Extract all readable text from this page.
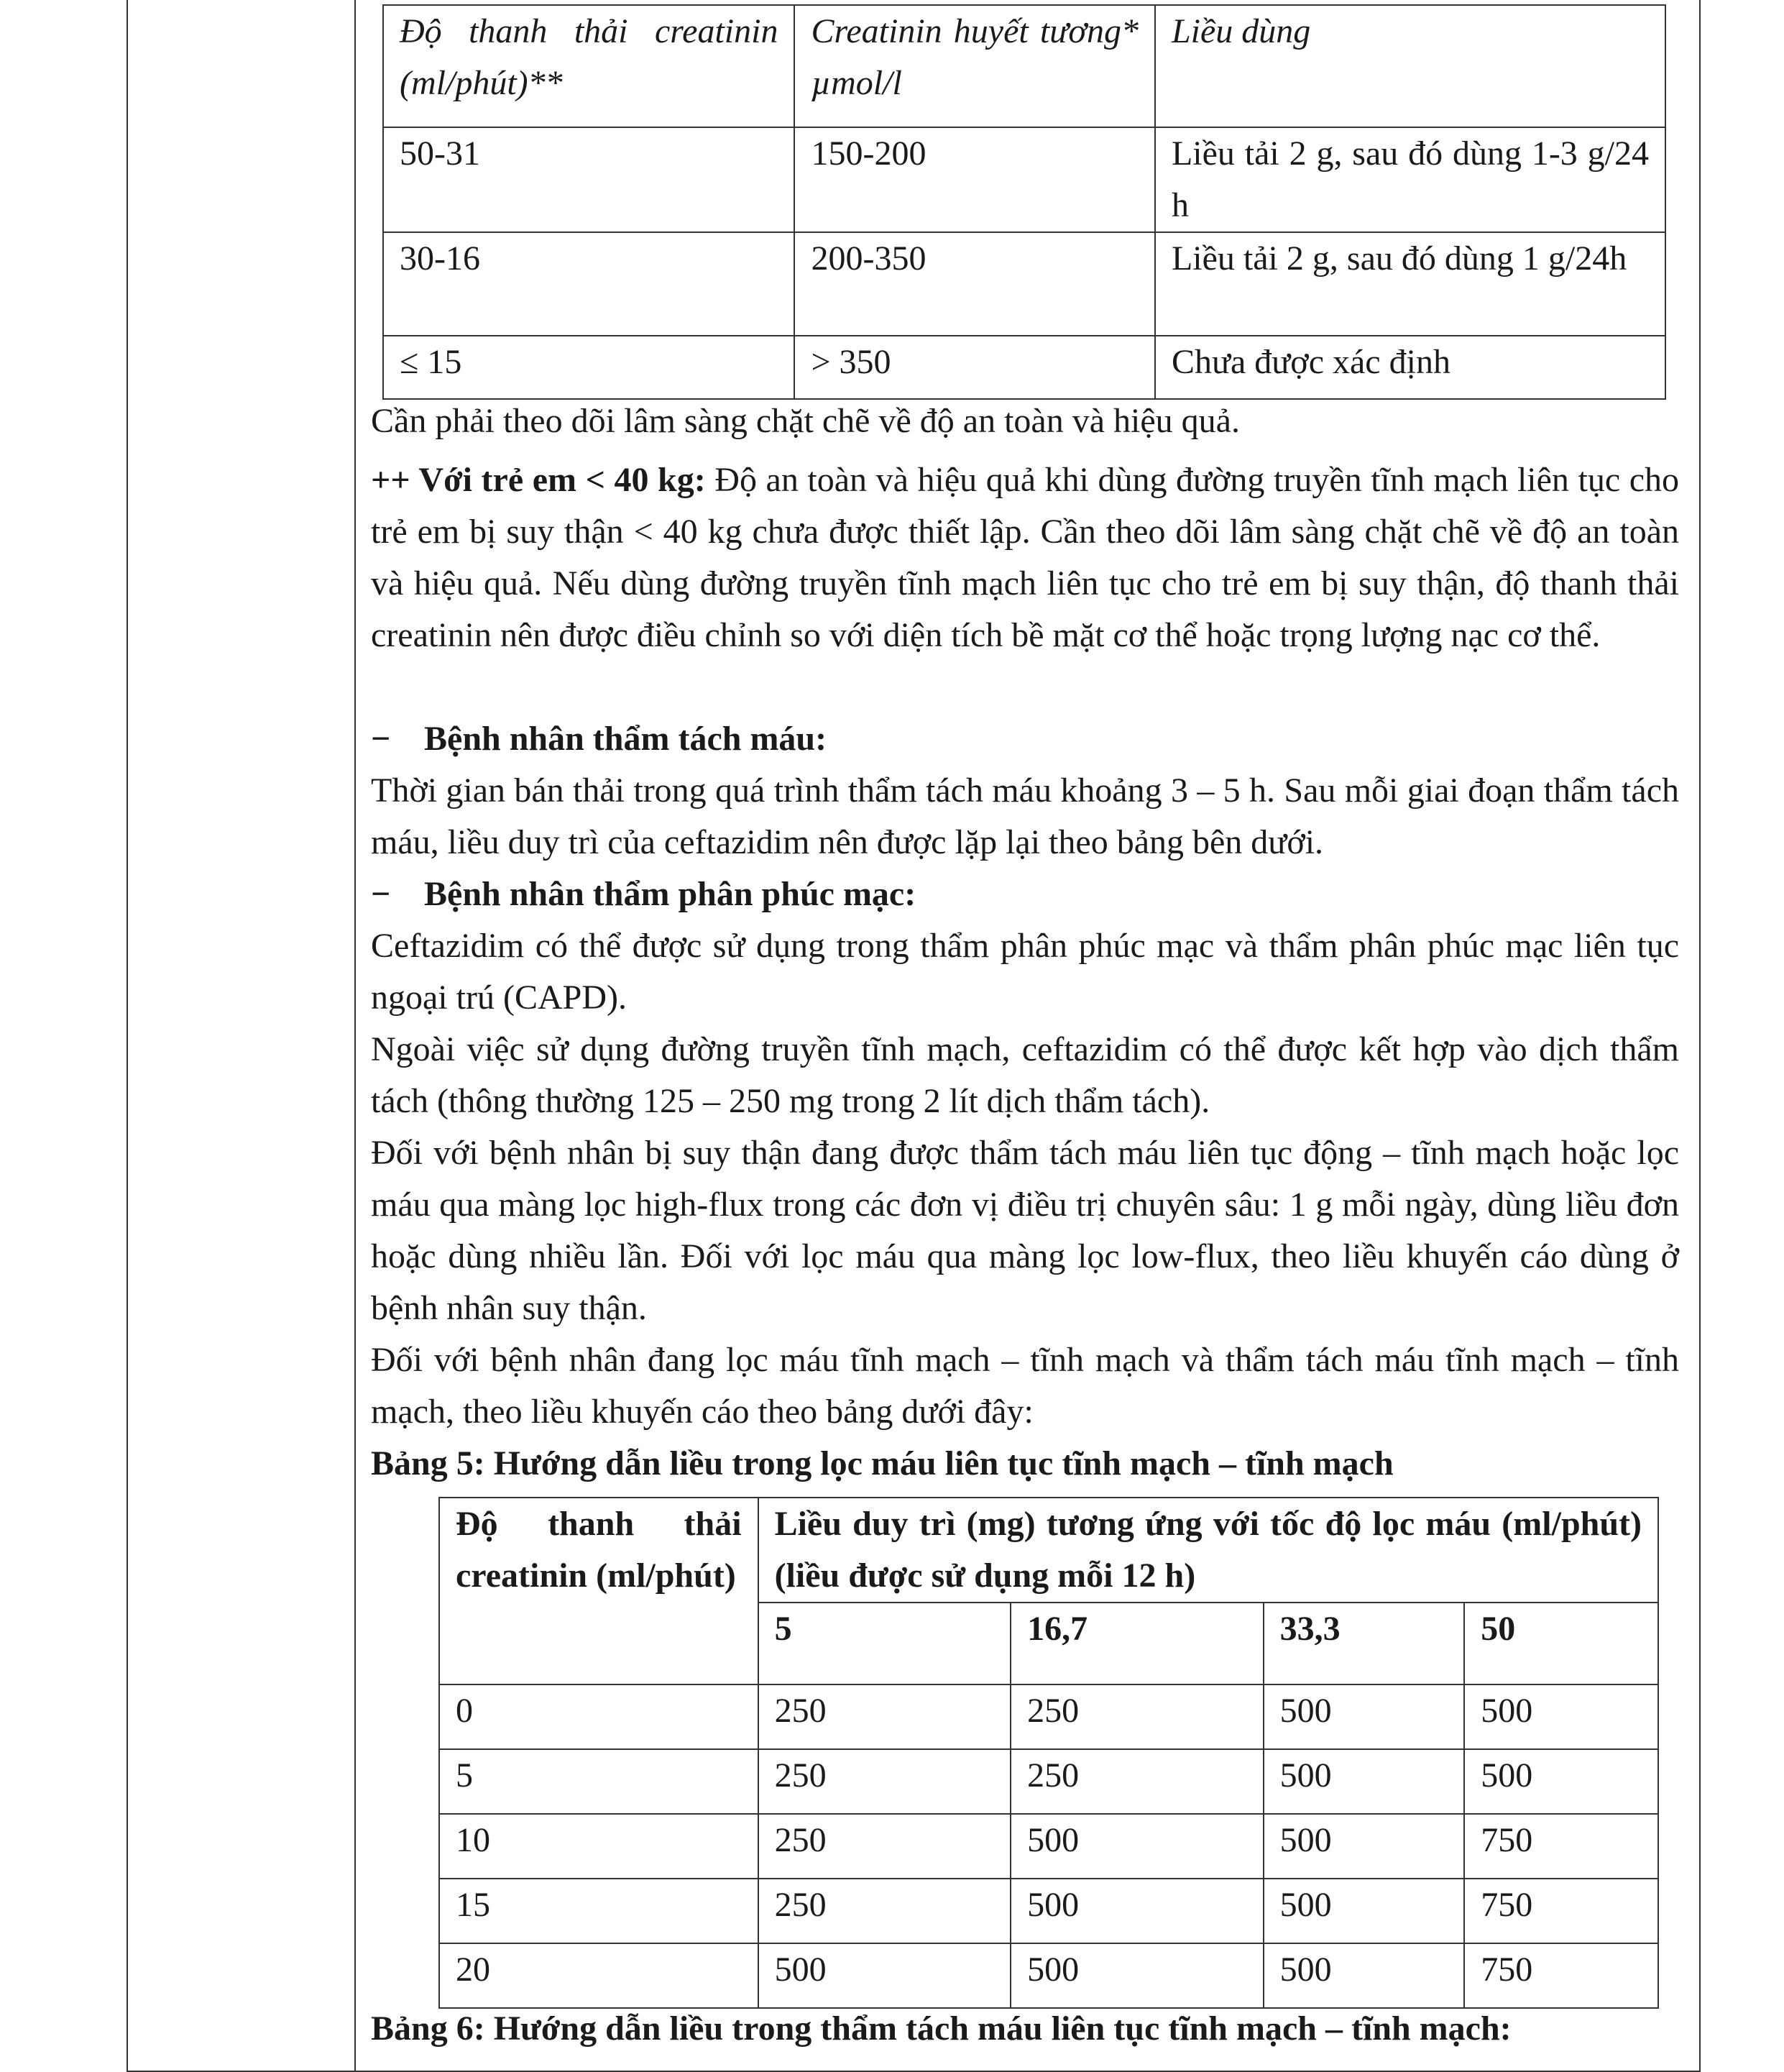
Độ thanh thải creatinin (ml/phút)**	Creatinin huyết tương* µmol/l	Liều dùng
50-31	150-200	Liều tải 2 g, sau đó dùng 1-3 g/24 h
30-16	200-350	Liều tải 2 g, sau đó dùng 1 g/24h
≤ 15	> 350	Chưa được xác định
Cần phải theo dõi lâm sàng chặt chẽ về độ an toàn và hiệu quả.
++ Với trẻ em < 40 kg: Độ an toàn và hiệu quả khi dùng đường truyền tĩnh mạch liên tục cho trẻ em bị suy thận < 40 kg chưa được thiết lập. Cần theo dõi lâm sàng chặt chẽ về độ an toàn và hiệu quả. Nếu dùng đường truyền tĩnh mạch liên tục cho trẻ em bị suy thận, độ thanh thải creatinin nên được điều chỉnh so với diện tích bề mặt cơ thể hoặc trọng lượng nạc cơ thể.
− Bệnh nhân thẩm tách máu:
Thời gian bán thải trong quá trình thẩm tách máu khoảng 3 – 5 h. Sau mỗi giai đoạn thẩm tách máu, liều duy trì của ceftazidim nên được lặp lại theo bảng bên dưới.
− Bệnh nhân thẩm phân phúc mạc:
Ceftazidim có thể được sử dụng trong thẩm phân phúc mạc và thẩm phân phúc mạc liên tục ngoại trú (CAPD).
Ngoài việc sử dụng đường truyền tĩnh mạch, ceftazidim có thể được kết hợp vào dịch thẩm tách (thông thường 125 – 250 mg trong 2 lít dịch thẩm tách).
Đối với bệnh nhân bị suy thận đang được thẩm tách máu liên tục động – tĩnh mạch hoặc lọc máu qua màng lọc high-flux trong các đơn vị điều trị chuyên sâu: 1 g mỗi ngày, dùng liều đơn hoặc dùng nhiều lần. Đối với lọc máu qua màng lọc low-flux, theo liều khuyến cáo dùng ở bệnh nhân suy thận.
Đối với bệnh nhân đang lọc máu tĩnh mạch – tĩnh mạch và thẩm tách máu tĩnh mạch – tĩnh mạch, theo liều khuyến cáo theo bảng dưới đây:
Bảng 5: Hướng dẫn liều trong lọc máu liên tục tĩnh mạch – tĩnh mạch
Độ thanh thải creatinin (ml/phút)	Liều duy trì (mg) tương ứng với tốc độ lọc máu (ml/phút) (liều được sử dụng mỗi 12 h)			
	5	16,7	33,3	50
0	250	250	500	500
5	250	250	500	500
10	250	500	500	750
15	250	500	500	750
20	500	500	500	750
Bảng 6: Hướng dẫn liều trong thẩm tách máu liên tục tĩnh mạch – tĩnh mạch:
